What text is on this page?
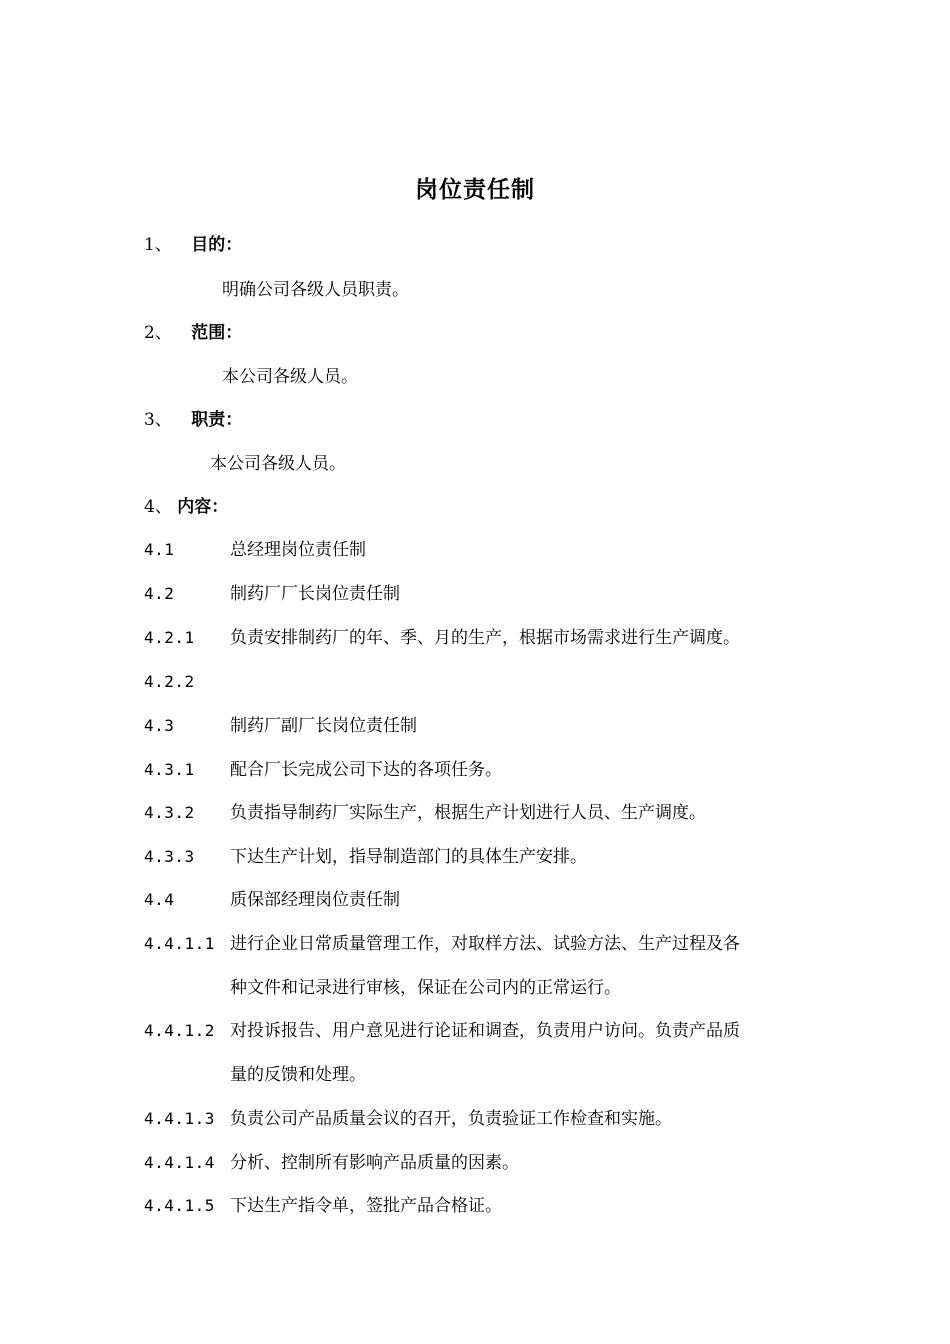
岗位责任制
1、 目的：
明确公司各级人员职责。
2、 范围：
本公司各级人员。
3、 职责：
本公司各级人员。
4、 内容：
4.1	总经理岗位责任制
4.2	制药厂厂长岗位责任制
4.2.1 负责安排制药厂的年、季、月的生产，根据市场需求进行生产调度。
4.2.2
4.3	制药厂副厂长岗位责任制
4.3.1 配合厂长完成公司下达的各项任务。
4.3.2 负责指导制药厂实际生产，根据生产计划进行人员、生产调度。
4.3.3 下达生产计划，指导制造部门的具体生产安排。
4.4	质保部经理岗位责任制
4.4.1.1 进行企业日常质量管理工作，对取样方法、试验方法、生产过程及各
种文件和记录进行审核，保证在公司内的正常运行。
4.4.1.2 对投诉报告、用户意见进行论证和调查，负责用户访问。负责产品质
量的反馈和处理。
4.4.1.3 负责公司产品质量会议的召开，负责验证工作检查和实施。
4.4.1.4 分析、控制所有影响产品质量的因素。
4.4.1.5 下达生产指令单，签批产品合格证。
